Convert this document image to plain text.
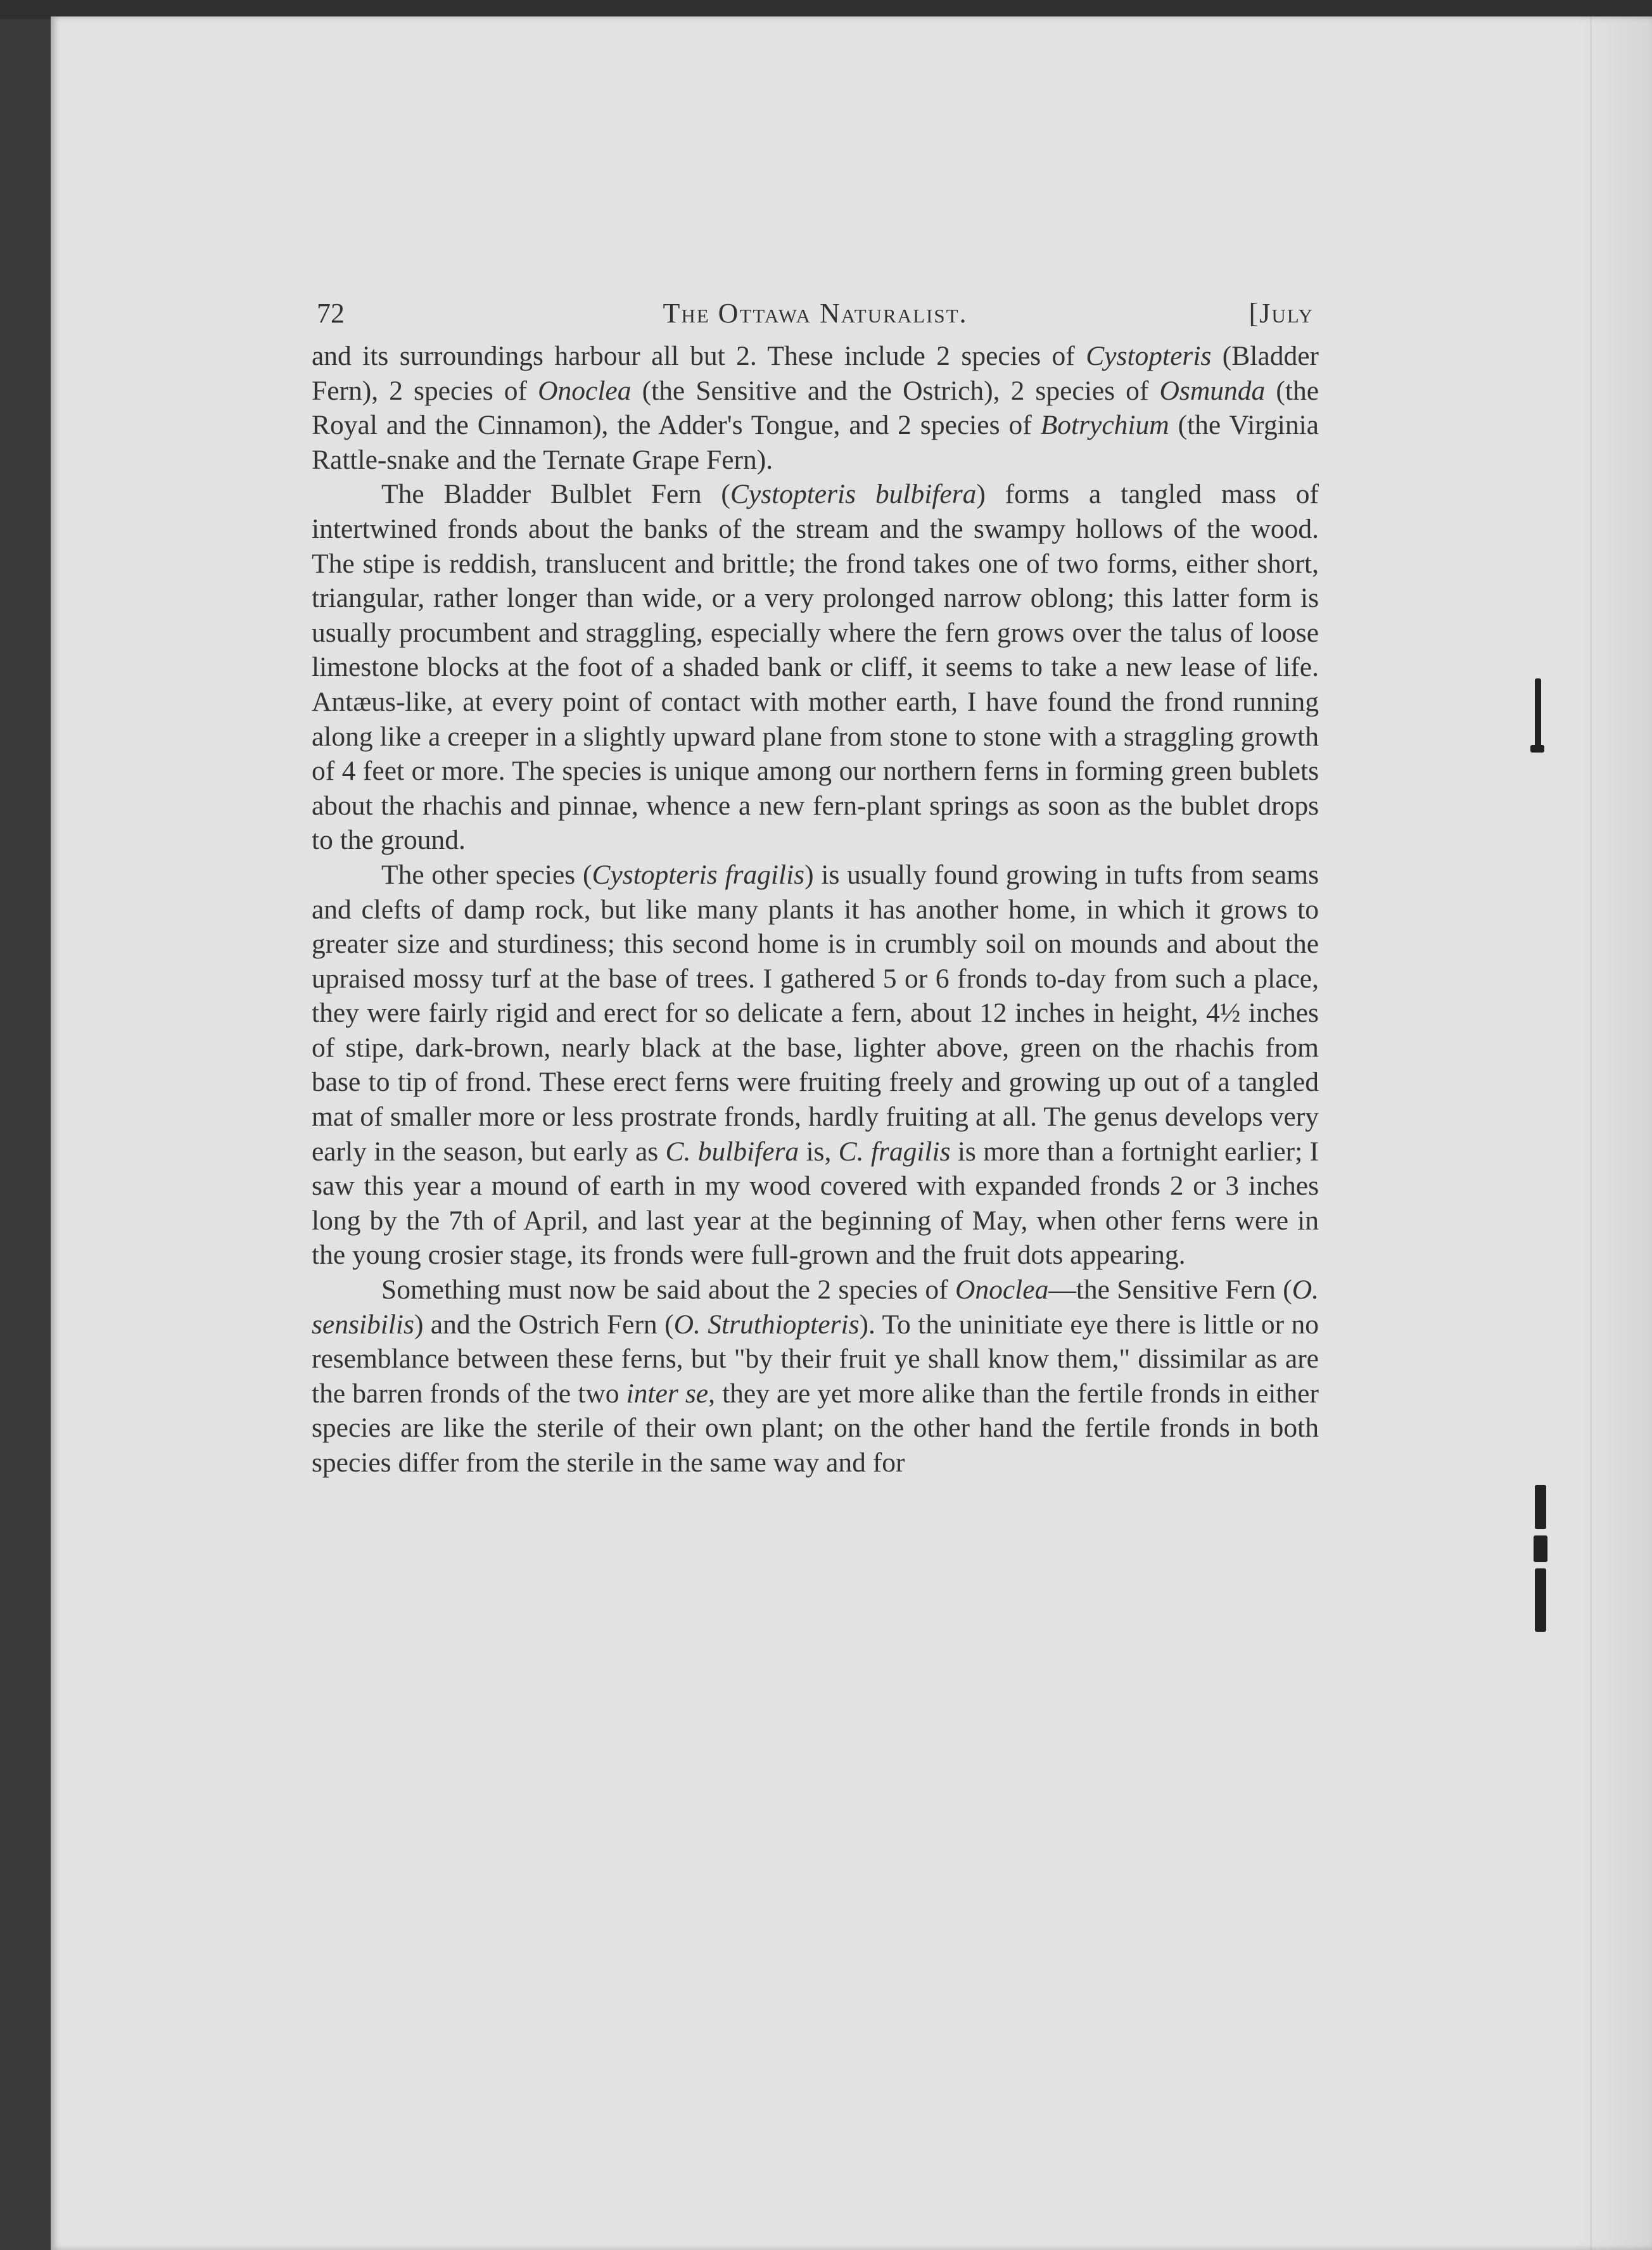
72	The Ottawa Naturalist.	[July

and its surroundings harbour all but 2. These include 2 species of Cystopteris (Bladder Fern), 2 species of Onoclea (the Sensitive and the Ostrich), 2 species of Osmunda (the Royal and the Cinnamon), the Adder's Tongue, and 2 species of Botrychium (the Virginia Rattle-snake and the Ternate Grape Fern).

The Bladder Bulblet Fern (Cystopteris bulbifera) forms a tangled mass of intertwined fronds about the banks of the stream and the swampy hollows of the wood. The stipe is reddish, translucent and brittle; the frond takes one of two forms, either short, triangular, rather longer than wide, or a very prolonged narrow oblong; this latter form is usually procumbent and straggling, especially where the fern grows over the talus of loose limestone blocks at the foot of a shaded bank or cliff, it seems to take a new lease of life. Antæus-like, at every point of contact with mother earth, I have found the frond running along like a creeper in a slightly upward plane from stone to stone with a straggling growth of 4 feet or more. The species is unique among our northern ferns in forming green bublets about the rhachis and pinnae, whence a new fern-plant springs as soon as the bublet drops to the ground.

The other species (Cystopteris fragilis) is usually found growing in tufts from seams and clefts of damp rock, but like many plants it has another home, in which it grows to greater size and sturdiness; this second home is in crumbly soil on mounds and about the upraised mossy turf at the base of trees. I gathered 5 or 6 fronds to-day from such a place, they were fairly rigid and erect for so delicate a fern, about 12 inches in height, 4½ inches of stipe, dark-brown, nearly black at the base, lighter above, green on the rhachis from base to tip of frond. These erect ferns were fruiting freely and growing up out of a tangled mat of smaller more or less prostrate fronds, hardly fruiting at all. The genus develops very early in the season, but early as C. bulbifera is, C. fragilis is more than a fortnight earlier; I saw this year a mound of earth in my wood covered with expanded fronds 2 or 3 inches long by the 7th of April, and last year at the beginning of May, when other ferns were in the young crosier stage, its fronds were full-grown and the fruit dots appearing.

Something must now be said about the 2 species of Onoclea—the Sensitive Fern (O. sensibilis) and the Ostrich Fern (O. Struthiopteris). To the uninitiate eye there is little or no resemblance between these ferns, but "by their fruit ye shall know them," dissimilar as are the barren fronds of the two inter se, they are yet more alike than the fertile fronds in either species are like the sterile of their own plant; on the other hand the fertile fronds in both species differ from the sterile in the same way and for
